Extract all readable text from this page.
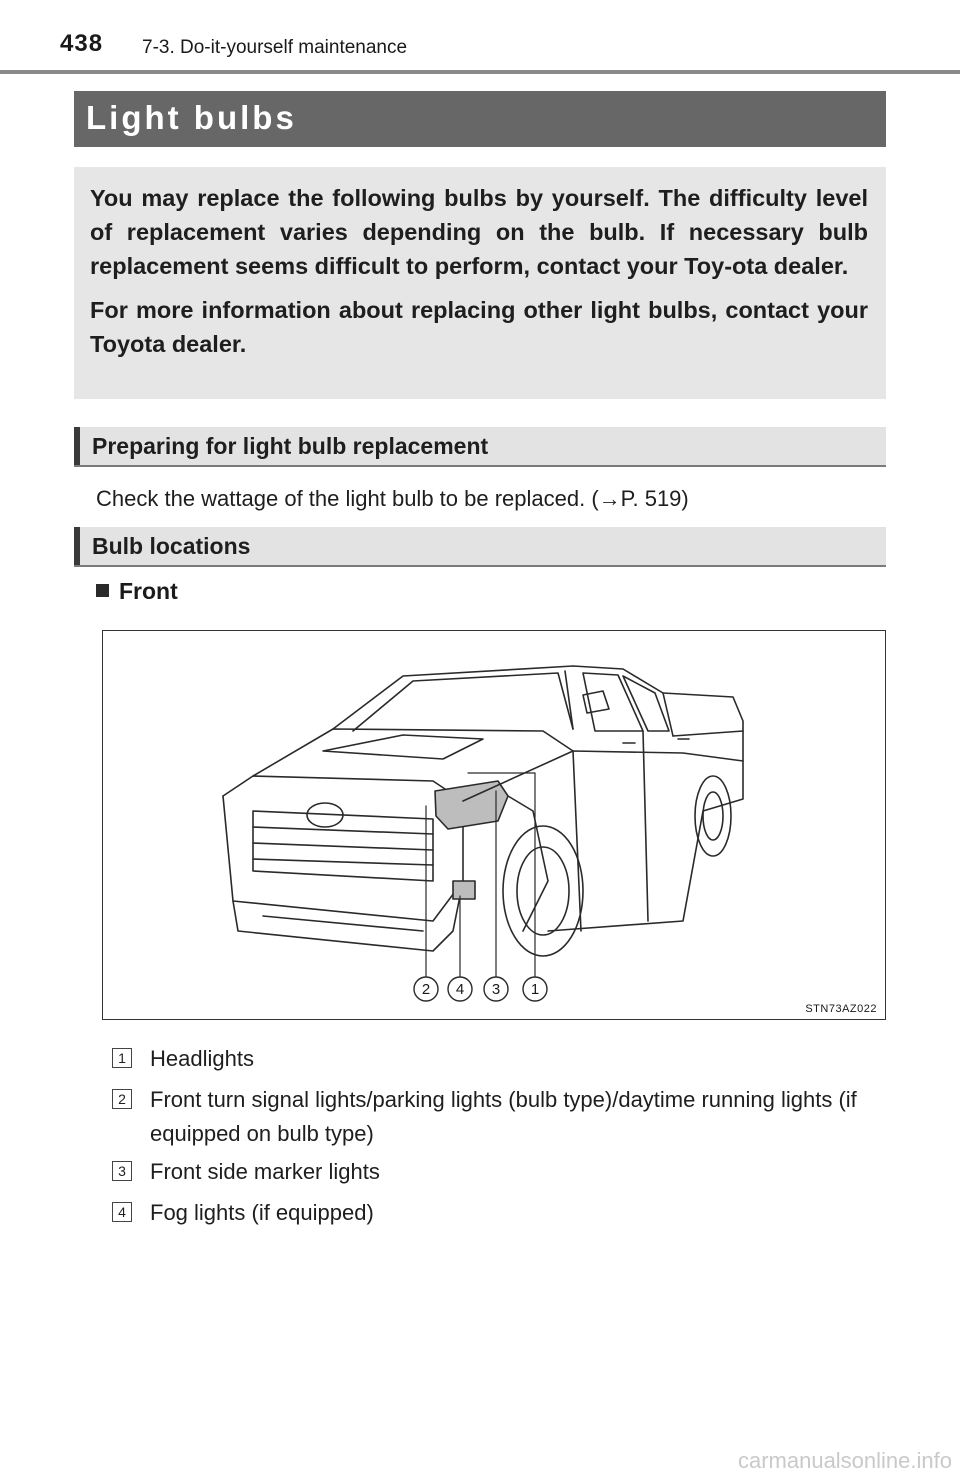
438 7-3. Do-it-yourself maintenance
Light bulbs

You may replace the following bulbs by yourself. The difficulty level of replacement varies depending on the bulb. If necessary bulb replacement seems difficult to perform, contact your Toy-ota dealer.

For more information about replacing other light bulbs, contact your Toyota dealer.

Preparing for light bulb replacement
Check the wattage of the light bulb to be replaced. (→P. 519)
Bulb locations
Front
2 4 3 1
STN73AZ022
1 Headlights
2 Front turn signal lights/parking lights (bulb type)/daytime running lights (if equipped on bulb type)
3 Front side marker lights
4 Fog lights (if equipped)
carmanualsonline.info
